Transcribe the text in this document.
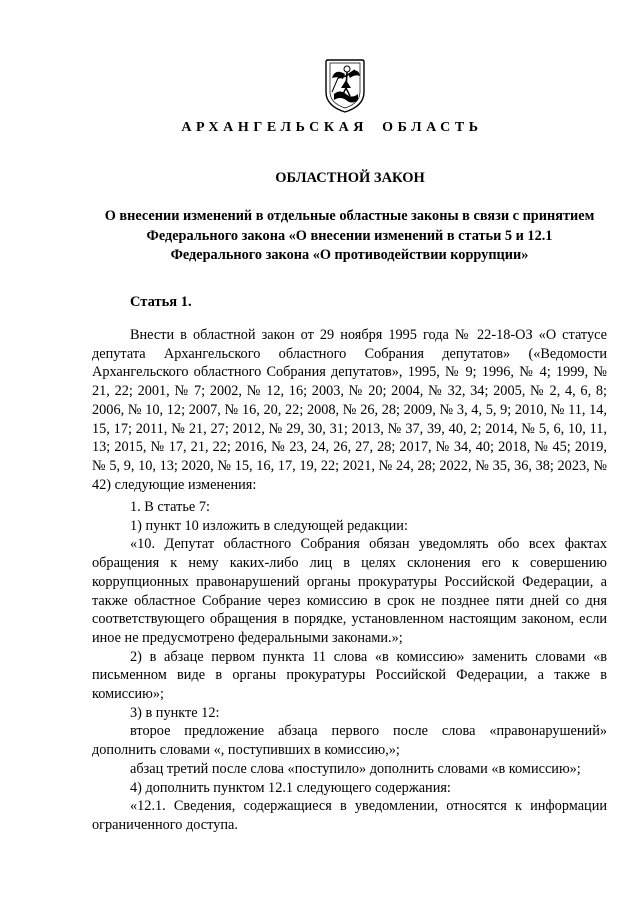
АРХАНГЕЛЬСКАЯ ОБЛАСТЬ
ОБЛАСТНОЙ ЗАКОН
О внесении изменений в отдельные областные законы в связи с принятием
Федерального закона «О внесении изменений в статьи 5 и 12.1
Федерального закона «О противодействии коррупции»
Статья 1.

Внести в областной закон от 29 ноября 1995 года № 22-18-ОЗ «О статусе депутата Архангельского областного Собрания депутатов» («Ведомости Архангельского областного Собрания депутатов», 1995, № 9; 1996, № 4; 1999, № 21, 22; 2001, № 7; 2002, № 12, 16; 2003, № 20; 2004, № 32, 34; 2005, № 2, 4, 6, 8; 2006, № 10, 12; 2007, № 16, 20, 22; 2008, № 26, 28; 2009, № 3, 4, 5, 9; 2010, № 11, 14, 15, 17; 2011, № 21, 27; 2012, № 29, 30, 31; 2013, № 37, 39, 40, 2; 2014, № 5, 6, 10, 11, 13; 2015, № 17, 21, 22; 2016, № 23, 24, 26, 27, 28; 2017, № 34, 40; 2018, № 45; 2019, № 5, 9, 10, 13; 2020, № 15, 16, 17, 19, 22; 2021, № 24, 28; 2022, № 35, 36, 38; 2023, № 42) следующие изменения:

1. В статье 7:

1) пункт 10 изложить в следующей редакции:

«10. Депутат областного Собрания обязан уведомлять обо всех фактах обращения к нему каких-либо лиц в целях склонения его к совершению коррупционных правонарушений органы прокуратуры Российской Федерации, а также областное Собрание через комиссию в срок не позднее пяти дней со дня соответствующего обращения в порядке, установленном настоящим законом, если иное не предусмотрено федеральными законами.»;

2) в абзаце первом пункта 11 слова «в комиссию» заменить словами «в письменном виде в органы прокуратуры Российской Федерации, а также в комиссию»;

3) в пункте 12:

второе предложение абзаца первого после слова «правонарушений» дополнить словами «, поступивших в комиссию,»;

абзац третий после слова «поступило» дополнить словами «в комиссию»;

4) дополнить пунктом 12.1 следующего содержания:

«12.1. Сведения, содержащиеся в уведомлении, относятся к информации ограниченного доступа.
